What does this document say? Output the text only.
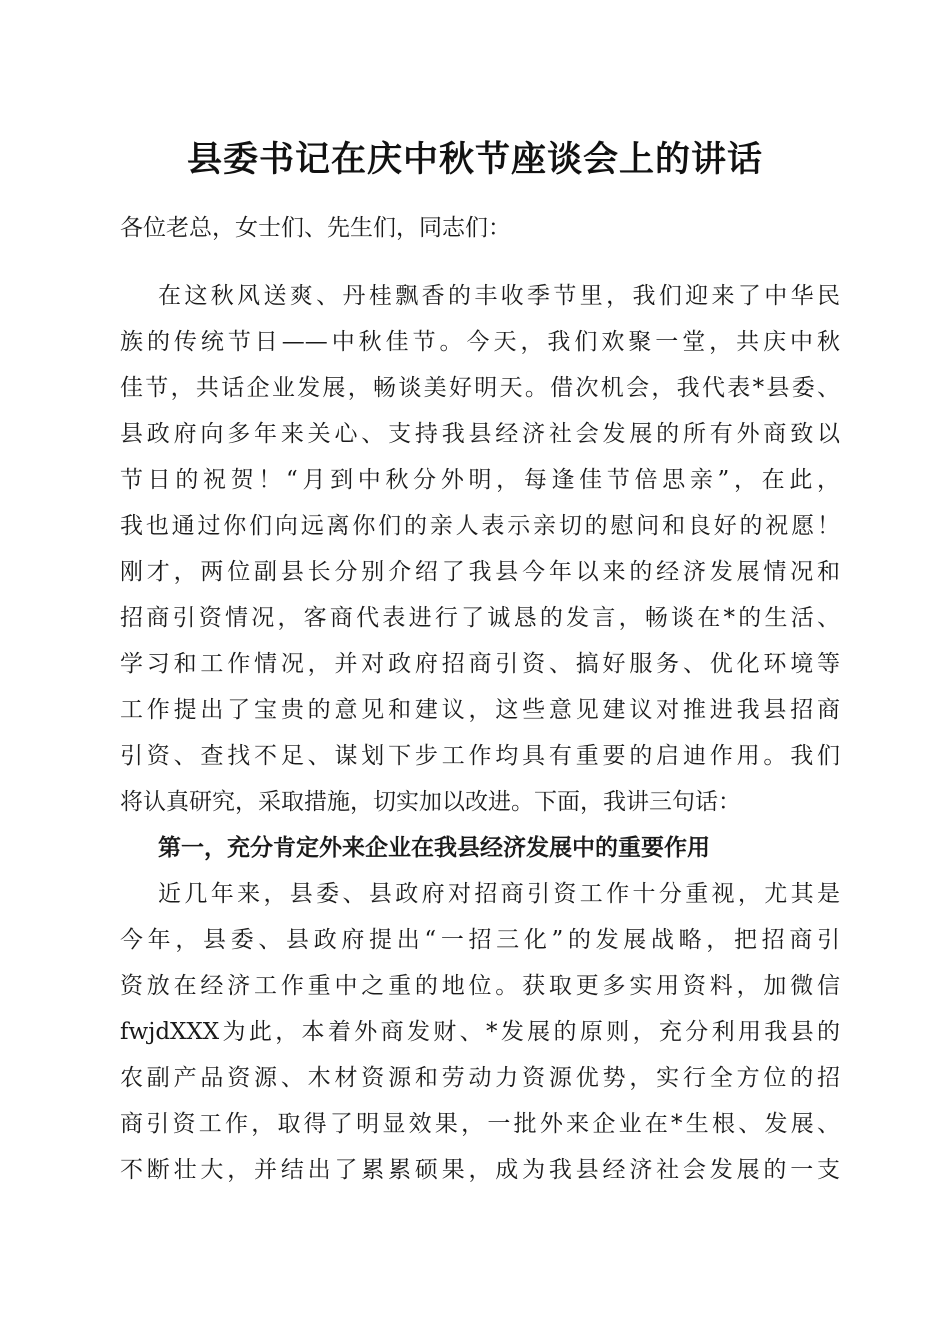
县委书记在庆中秋节座谈会上的讲话

各位老总，女士们、先生们，同志们：

在这秋风送爽、丹桂飘香的丰收季节里，我们迎来了中华民

族的传统节日——中秋佳节。今天，我们欢聚一堂，共庆中秋

佳节，共话企业发展，畅谈美好明天。借次机会，我代表*县委、

县政府向多年来关心、支持我县经济社会发展的所有外商致以

节日的祝贺！“月到中秋分外明，每逢佳节倍思亲”，在此，

我也通过你们向远离你们的亲人表示亲切的慰问和良好的祝愿！

刚才，两位副县长分别介绍了我县今年以来的经济发展情况和

招商引资情况，客商代表进行了诚恳的发言，畅谈在*的生活、

学习和工作情况，并对政府招商引资、搞好服务、优化环境等

工作提出了宝贵的意见和建议，这些意见建议对推进我县招商

引资、查找不足、谋划下步工作均具有重要的启迪作用。我们

将认真研究，采取措施，切实加以改进。下面，我讲三句话：

第一，充分肯定外来企业在我县经济发展中的重要作用

近几年来，县委、县政府对招商引资工作十分重视，尤其是

今年，县委、县政府提出“一招三化”的发展战略，把招商引

资放在经济工作重中之重的地位。获取更多实用资料，加微信

fwjdXXX为此，本着外商发财、*发展的原则，充分利用我县的

农副产品资源、木材资源和劳动力资源优势，实行全方位的招

商引资工作，取得了明显效果，一批外来企业在*生根、发展、

不断壮大，并结出了累累硕果，成为我县经济社会发展的一支
